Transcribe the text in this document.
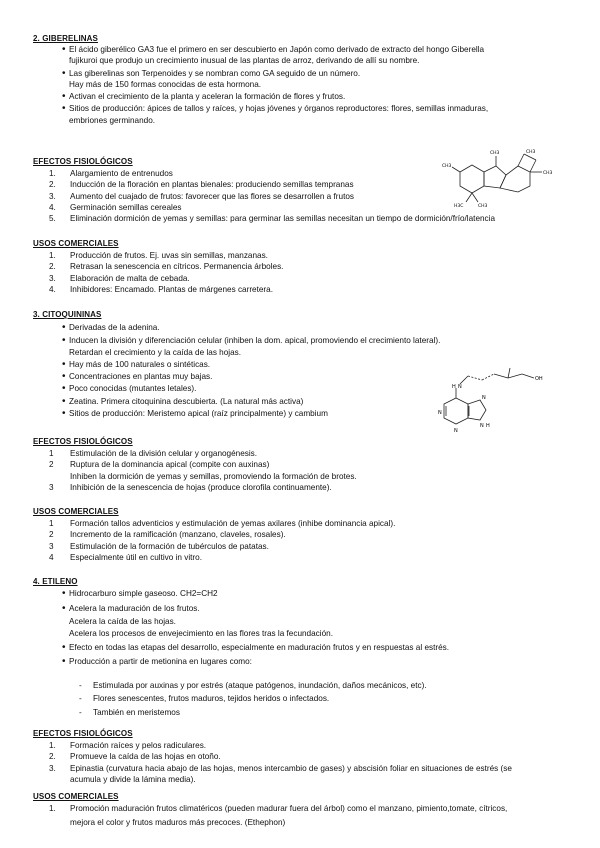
2. GIBERELINAS
• El ácido giberélico GA3 fue el primero en ser descubierto en Japón como derivado de extracto del hongo Giberella
fujikuroi que produjo un crecimiento inusual de las plantas de arroz, derivando de allí su nombre.
• Las giberelinas son Terpenoides y se nombran como GA seguido de un número.
Hay más de 150 formas conocidas de esta hormona.
• Activan el crecimiento de la planta y aceleran la formación de flores y frutos.
• Sitios de producción: ápices de tallos y raíces, y hojas jóvenes y órganos reproductores: flores, semillas inmaduras,
embriones germinando.
EFECTOS FISIOLÓGICOS
1. Alargamiento de entrenudos
2. Inducción de la floración en plantas bienales: produciendo semillas tempranas
3. Aumento del cuajado de frutos: favorecer que las flores se desarrollen a frutos
4. Germinación semillas cereales
5. Eliminación dormición de yemas y semillas: para germinar las semillas necesitan un tiempo de dormición/frío/latencia
USOS COMERCIALES
1. Producción de frutos. Ej. uvas sin semillas, manzanas.
2. Retrasan la senescencia en cítricos. Permanencia árboles.
3. Elaboración de malta de cebada.
4. Inhibidores: Encamado. Plantas de márgenes carretera.
CH3	CH3
CH3
CH3
H3C
CH3
3. CITOQUININAS
• Derivadas de la adenina.
• Inducen la división y diferenciación celular (inhiben la dom. apical, promoviendo el crecimiento lateral).
Retardan el crecimiento y la caída de las hojas.
• Hay más de 100 naturales o sintéticas.
• Concentraciones en plantas muy bajas.
• Poco conocidas (mutantes letales).
• Zeatina. Primera citoquinina descubierta. (La natural más activa)
• Sitios de producción: Meristemo apical (raíz principalmente) y cambium
EFECTOS FISIOLÓGICOS
1 Estimulación de la división celular y organogénesis.
2 Ruptura de la dominancia apical (compite con auxinas)
Inhiben la dormición de yemas y semillas, promoviendo la formación de brotes.
3 Inhibición de la senescencia de hojas (produce clorofila continuamente).
USOS COMERCIALES
1 Formación tallos adventicios y estimulación de yemas axilares (inhibe dominancia apical).
2 Incremento de la ramificación (manzano, claveles, rosales).
3 Estimulación de la formación de tubérculos de patatas.
4 Especialmente útil en cultivo in vitro.
H N
OH
N
N
N
N H
4. ETILENO
• Hidrocarburo simple gaseoso. CH2=CH2
• Acelera la maduración de los frutos.
Acelera la caída de las hojas.
Acelera los procesos de envejecimiento en las flores tras la fecundación.
• Efecto en todas las etapas del desarrollo, especialmente en maduración frutos y en respuestas al estrés.
• Producción a partir de metionina en lugares como:
- Estimulada por auxinas y por estrés (ataque patógenos, inundación, daños mecánicos, etc).
- Flores senescentes, frutos maduros, tejidos heridos o infectados.
- También en meristemos
EFECTOS FISIOLÓGICOS
1. Formación raíces y pelos radiculares.
2. Promueve la caída de las hojas en otoño.
3. Epinastia (curvatura hacia abajo de las hojas, menos intercambio de gases) y abscisión foliar en situaciones de estrés (se
acumula y divide la lámina media).
USOS COMERCIALES
1. Promoción maduración frutos climatéricos (pueden madurar fuera del árbol) como el manzano, pimiento,tomate, cítricos,
mejora el color y frutos maduros más precoces. (Ethephon)
